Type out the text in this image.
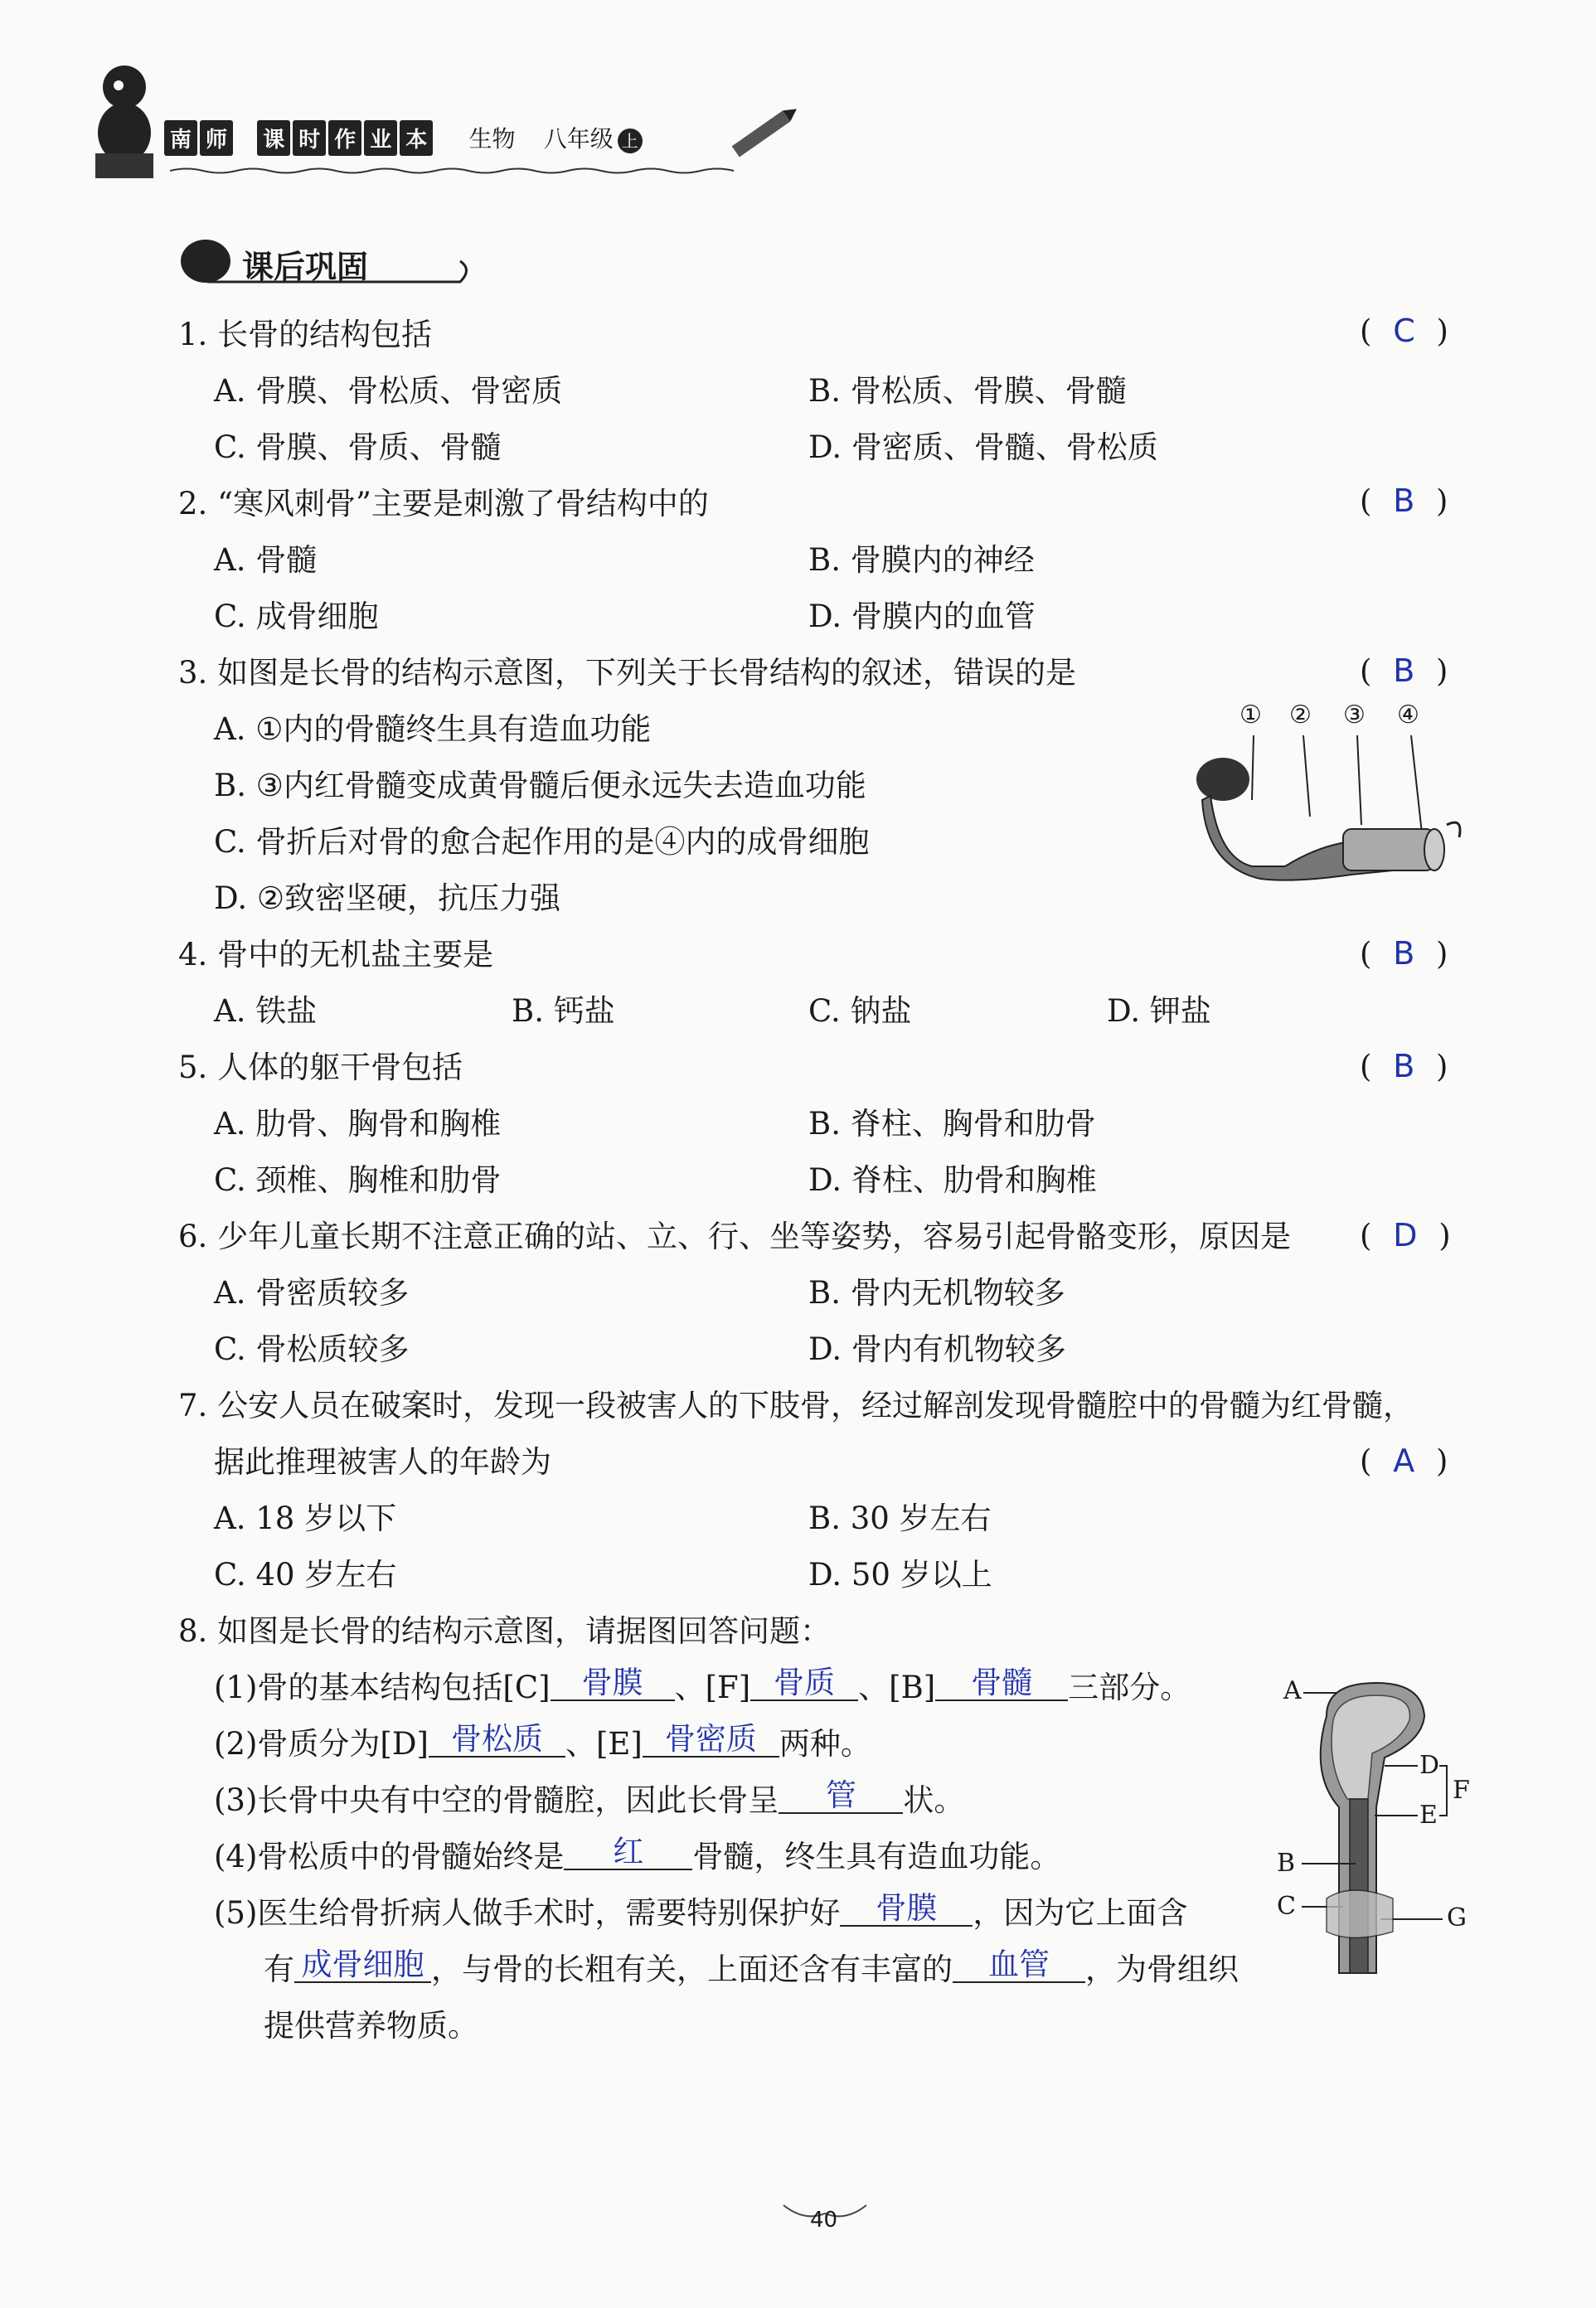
南 师 课 时 作 业 本 生物 八年级 上
课后巩固
1. 长骨的结构包括	( C )
A. 骨膜、骨松质、骨密质	B. 骨松质、骨膜、骨髓
C. 骨膜、骨质、骨髓	D. 骨密质、骨髓、骨松质
2. “寒风刺骨”主要是刺激了骨结构中的	( B )
A. 骨髓	B. 骨膜内的神经
C. 成骨细胞	D. 骨膜内的血管
3. 如图是长骨的结构示意图，下列关于长骨结构的叙述，错误的是	( B )
A. ①内的骨髓终生具有造血功能
B. ③内红骨髓变成黄骨髓后便永远失去造血功能
C. 骨折后对骨的愈合起作用的是④内的成骨细胞
D. ②致密坚硬，抗压力强
① ② ③ ④
4. 骨中的无机盐主要是	( B )
A. 铁盐	B. 钙盐	C. 钠盐	D. 钾盐
5. 人体的躯干骨包括	( B )
A. 肋骨、胸骨和胸椎	B. 脊柱、胸骨和肋骨
C. 颈椎、胸椎和肋骨	D. 脊柱、肋骨和胸椎
6. 少年儿童长期不注意正确的站、立、行、坐等姿势，容易引起骨骼变形，原因是 ( D )
A. 骨密质较多	B. 骨内无机物较多
C. 骨松质较多	D. 骨内有机物较多
7. 公安人员在破案时，发现一段被害人的下肢骨，经过解剖发现骨髓腔中的骨髓为红骨髓，
据此推理被害人的年龄为	( A )
A. 18 岁以下	B. 30 岁左右
C. 40 岁左右	D. 50 岁以上
8. 如图是长骨的结构示意图，请据图回答问题：
(1)骨的基本结构包括[C] 骨膜 、[F] 骨质 、[B] 骨髓 三部分。
(2)骨质分为[D] 骨松质 、[E] 骨密质 两种。
(3)长骨中央有中空的骨髓腔，因此长骨呈 管 状。
(4)骨松质中的骨髓始终是 红 骨髓，终生具有造血功能。
(5)医生给骨折病人做手术时，需要特别保护好 骨膜 ，因为它上面含
有 成骨细胞 ，与骨的长粗有关，上面还含有丰富的 血管 ，为骨组织
提供营养物质。
A
D
F
E
B
C	G
40
